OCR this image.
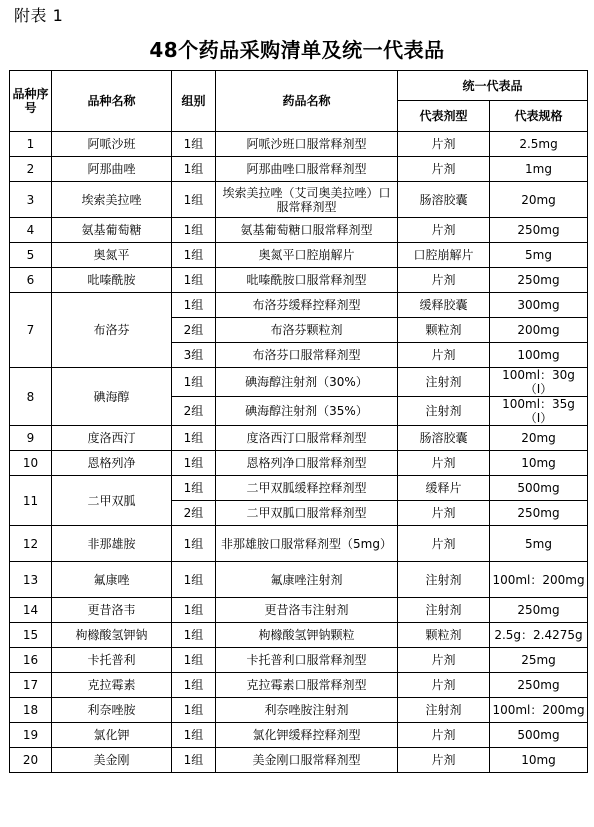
附表 1
48个药品采购清单及统一代表品
品种序号	品种名称	组别	药品名称	统一代表品	
				代表剂型	代表规格
1	阿哌沙班	1组	阿哌沙班口服常释剂型	片剂	2.5mg
2	阿那曲唑	1组	阿那曲唑口服常释剂型	片剂	1mg
3	埃索美拉唑	1组	埃索美拉唑（艾司奥美拉唑）口服常释剂型	肠溶胶囊	20mg
4	氨基葡萄糖	1组	氨基葡萄糖口服常释剂型	片剂	250mg
5	奥氮平	1组	奥氮平口腔崩解片	口腔崩解片	5mg
6	吡嗪酰胺	1组	吡嗪酰胺口服常释剂型	片剂	250mg
7	布洛芬	1组	布洛芬缓释控释剂型	缓释胶囊	300mg
		2组	布洛芬颗粒剂	颗粒剂	200mg
		3组	布洛芬口服常释剂型	片剂	100mg
8	碘海醇	1组	碘海醇注射剂（30%）	注射剂	100ml：30g（I）
		2组	碘海醇注射剂（35%）	注射剂	100ml：35g（I）
9	度洛西汀	1组	度洛西汀口服常释剂型	肠溶胶囊	20mg
10	恩格列净	1组	恩格列净口服常释剂型	片剂	10mg
11	二甲双胍	1组	二甲双胍缓释控释剂型	缓释片	500mg
		2组	二甲双胍口服常释剂型	片剂	250mg
12	非那雄胺	1组	非那雄胺口服常释剂型（5mg）	片剂	5mg
13	氟康唑	1组	氟康唑注射剂	注射剂	100ml：200mg
14	更昔洛韦	1组	更昔洛韦注射剂	注射剂	250mg
15	枸橼酸氢钾钠	1组	枸橼酸氢钾钠颗粒	颗粒剂	2.5g：2.4275g
16	卡托普利	1组	卡托普利口服常释剂型	片剂	25mg
17	克拉霉素	1组	克拉霉素口服常释剂型	片剂	250mg
18	利奈唑胺	1组	利奈唑胺注射剂	注射剂	100ml：200mg
19	氯化钾	1组	氯化钾缓释控释剂型	片剂	500mg
20	美金刚	1组	美金刚口服常释剂型	片剂	10mg
